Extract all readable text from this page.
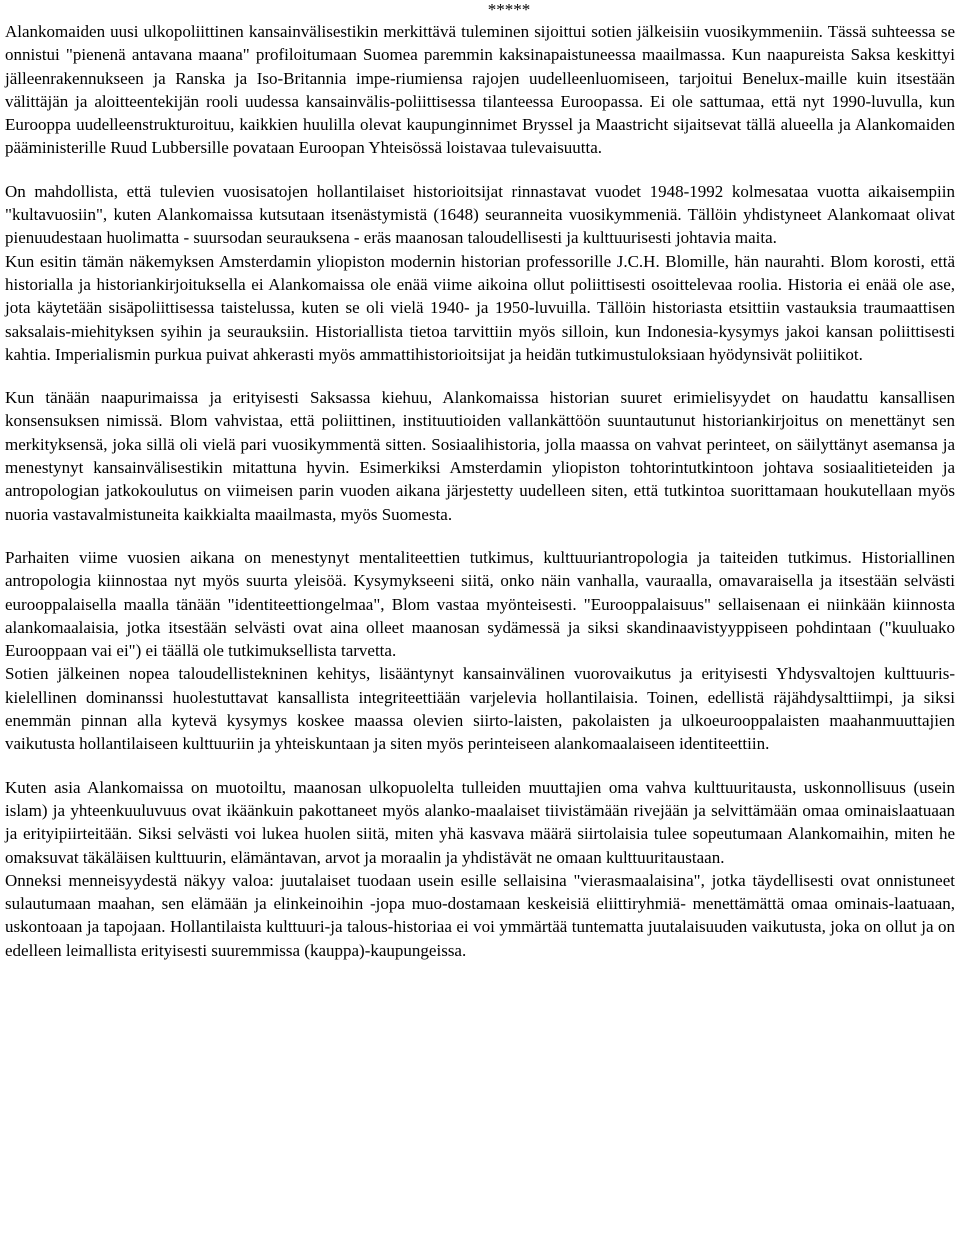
*****

Alankomaiden uusi ulkopoliittinen kansainvälisestikin merkittävä tuleminen sijoittui sotien jälkeisiin vuosikymmeniin. Tässä suhteessa se onnistui "pienenä antavana maana" profiloitumaan Suomea paremmin kaksinapaistuneessa maailmassa. Kun naapureista Saksa keskittyi jälleenrakennukseen ja Ranska ja Iso-Britannia impe-riumiensa rajojen uudelleenluomiseen, tarjoitui Benelux-maille kuin itsestään välittäjän ja aloitteentekijän rooli uudessa kansainvälis-poliittisessa tilanteessa Euroopassa. Ei ole sattumaa, että nyt 1990-luvulla, kun Eurooppa uudelleenstrukturoituu, kaikkien huulilla olevat kaupunginnimet Bryssel ja Maastricht sijaitsevat tällä alueella ja Alankomaiden pääministerille Ruud Lubbersille povataan Euroopan Yhteisössä loistavaa tulevaisuutta.

On mahdollista, että tulevien vuosisatojen hollantilaiset historioitsijat rinnastavat vuodet 1948-1992 kolmesataa vuotta aikaisempiin "kultavuosiin", kuten Alankomaissa kutsutaan itsenästymistä (1648) seuranneita vuosikymmeniä. Tällöin yhdistyneet Alankomaat olivat pienuudestaan huolimatta - suursodan seurauksena - eräs maanosan taloudellisesti ja kulttuurisesti johtavia maita.

Kun esitin tämän näkemyksen Amsterdamin yliopiston modernin historian professorille J.C.H. Blomille, hän naurahti. Blom korosti, että historialla ja historiankirjoituksella ei Alankomaissa ole enää viime aikoina ollut poliittisesti osoittelevaa roolia. Historia ei enää ole ase, jota käytetään sisäpoliittisessa taistelussa, kuten se oli vielä 1940- ja 1950-luvuilla. Tällöin historiasta etsittiin vastauksia traumaattisen saksalais-miehityksen syihin ja seurauksiin. Historiallista tietoa tarvittiin myös silloin, kun Indonesia-kysymys jakoi kansan poliittisesti kahtia. Imperialismin purkua puivat ahkerasti myös ammattihistorioitsijat ja heidän tutkimustuloksiaan hyödynsivät poliitikot.

Kun tänään naapurimaissa ja erityisesti Saksassa kiehuu, Alankomaissa historian suuret erimielisyydet on haudattu kansallisen konsensuksen nimissä. Blom vahvistaa, että poliittinen, instituutioiden vallankättöön suuntautunut historiankirjoitus on menettänyt sen merkityksensä, joka sillä oli vielä pari vuosikymmentä sitten. Sosiaalihistoria, jolla maassa on vahvat perinteet, on säilyttänyt asemansa ja menestynyt kansainvälisestikin mitattuna hyvin. Esimerkiksi Amsterdamin yliopiston tohtorintutkintoon johtava sosiaalitieteiden ja antropologian jatkokoulutus on viimeisen parin vuoden aikana järjestetty uudelleen siten, että tutkintoa suorittamaan houkutellaan myös nuoria vastavalmistuneita kaikkialta maailmasta, myös Suomesta.

Parhaiten viime vuosien aikana on menestynyt mentaliteettien tutkimus, kulttuuriantropologia ja taiteiden tutkimus. Historiallinen antropologia kiinnostaa nyt myös suurta yleisöä. Kysymykseeni siitä, onko näin vanhalla, vauraalla, omavaraisella ja itsestään selvästi eurooppalaisella maalla tänään "identiteettiongelmaa", Blom vastaa myönteisesti. "Eurooppalaisuus" sellaisenaan ei niinkään kiinnosta alankomaalaisia, jotka itsestään selvästi ovat aina olleet maanosan sydämessä ja siksi skandinaavistyyppiseen pohdintaan ("kuuluako Eurooppaan vai ei") ei täällä ole tutkimuksellista tarvetta.

Sotien jälkeinen nopea taloudellistekninen kehitys, lisääntynyt kansainvälinen vuorovaikutus ja erityisesti Yhdysvaltojen kulttuuris-kielellinen dominanssi huolestuttavat kansallista integriteettiään varjelevia hollantilaisia. Toinen, edellistä räjähdysalttiimpi, ja siksi enemmän pinnan alla kytevä kysymys koskee maassa olevien siirto-laisten, pakolaisten ja ulkoeurooppalaisten maahanmuuttajien vaikutusta hollantilaiseen kulttuuriin ja yhteiskuntaan ja siten myös perinteiseen alankomaalaiseen identiteettiin.

Kuten asia Alankomaissa on muotoiltu, maanosan ulkopuolelta tulleiden muuttajien oma vahva kulttuuritausta, uskonnollisuus (usein islam) ja yhteenkuuluvuus ovat ikäänkuin pakottaneet myös alanko-maalaiset tiivistämään rivejään ja selvittämään omaa ominaislaatuaan ja erityipiirteitään. Siksi selvästi voi lukea huolen siitä, miten yhä kasvava määrä siirtolaisia tulee sopeutumaan Alankomaihin, miten he omaksuvat täkäläisen kulttuurin, elämäntavan, arvot ja moraalin ja yhdistävät ne omaan kulttuuritaustaan.

Onneksi menneisyydestä näkyy valoa: juutalaiset tuodaan usein esille sellaisina "vierasmaalaisina", jotka täydellisesti ovat onnistuneet sulautumaan maahan, sen elämään ja elinkeinoihin -jopa muo-dostamaan keskeisiä eliittiryhmiä- menettämättä omaa ominais-laatuaan, uskontoaan ja tapojaan. Hollantilaista kulttuuri-ja talous-historiaa ei voi ymmärtää tuntematta juutalaisuuden vaikutusta, joka on ollut ja on edelleen leimallista erityisesti suuremmissa (kauppa)-kaupungeissa.
